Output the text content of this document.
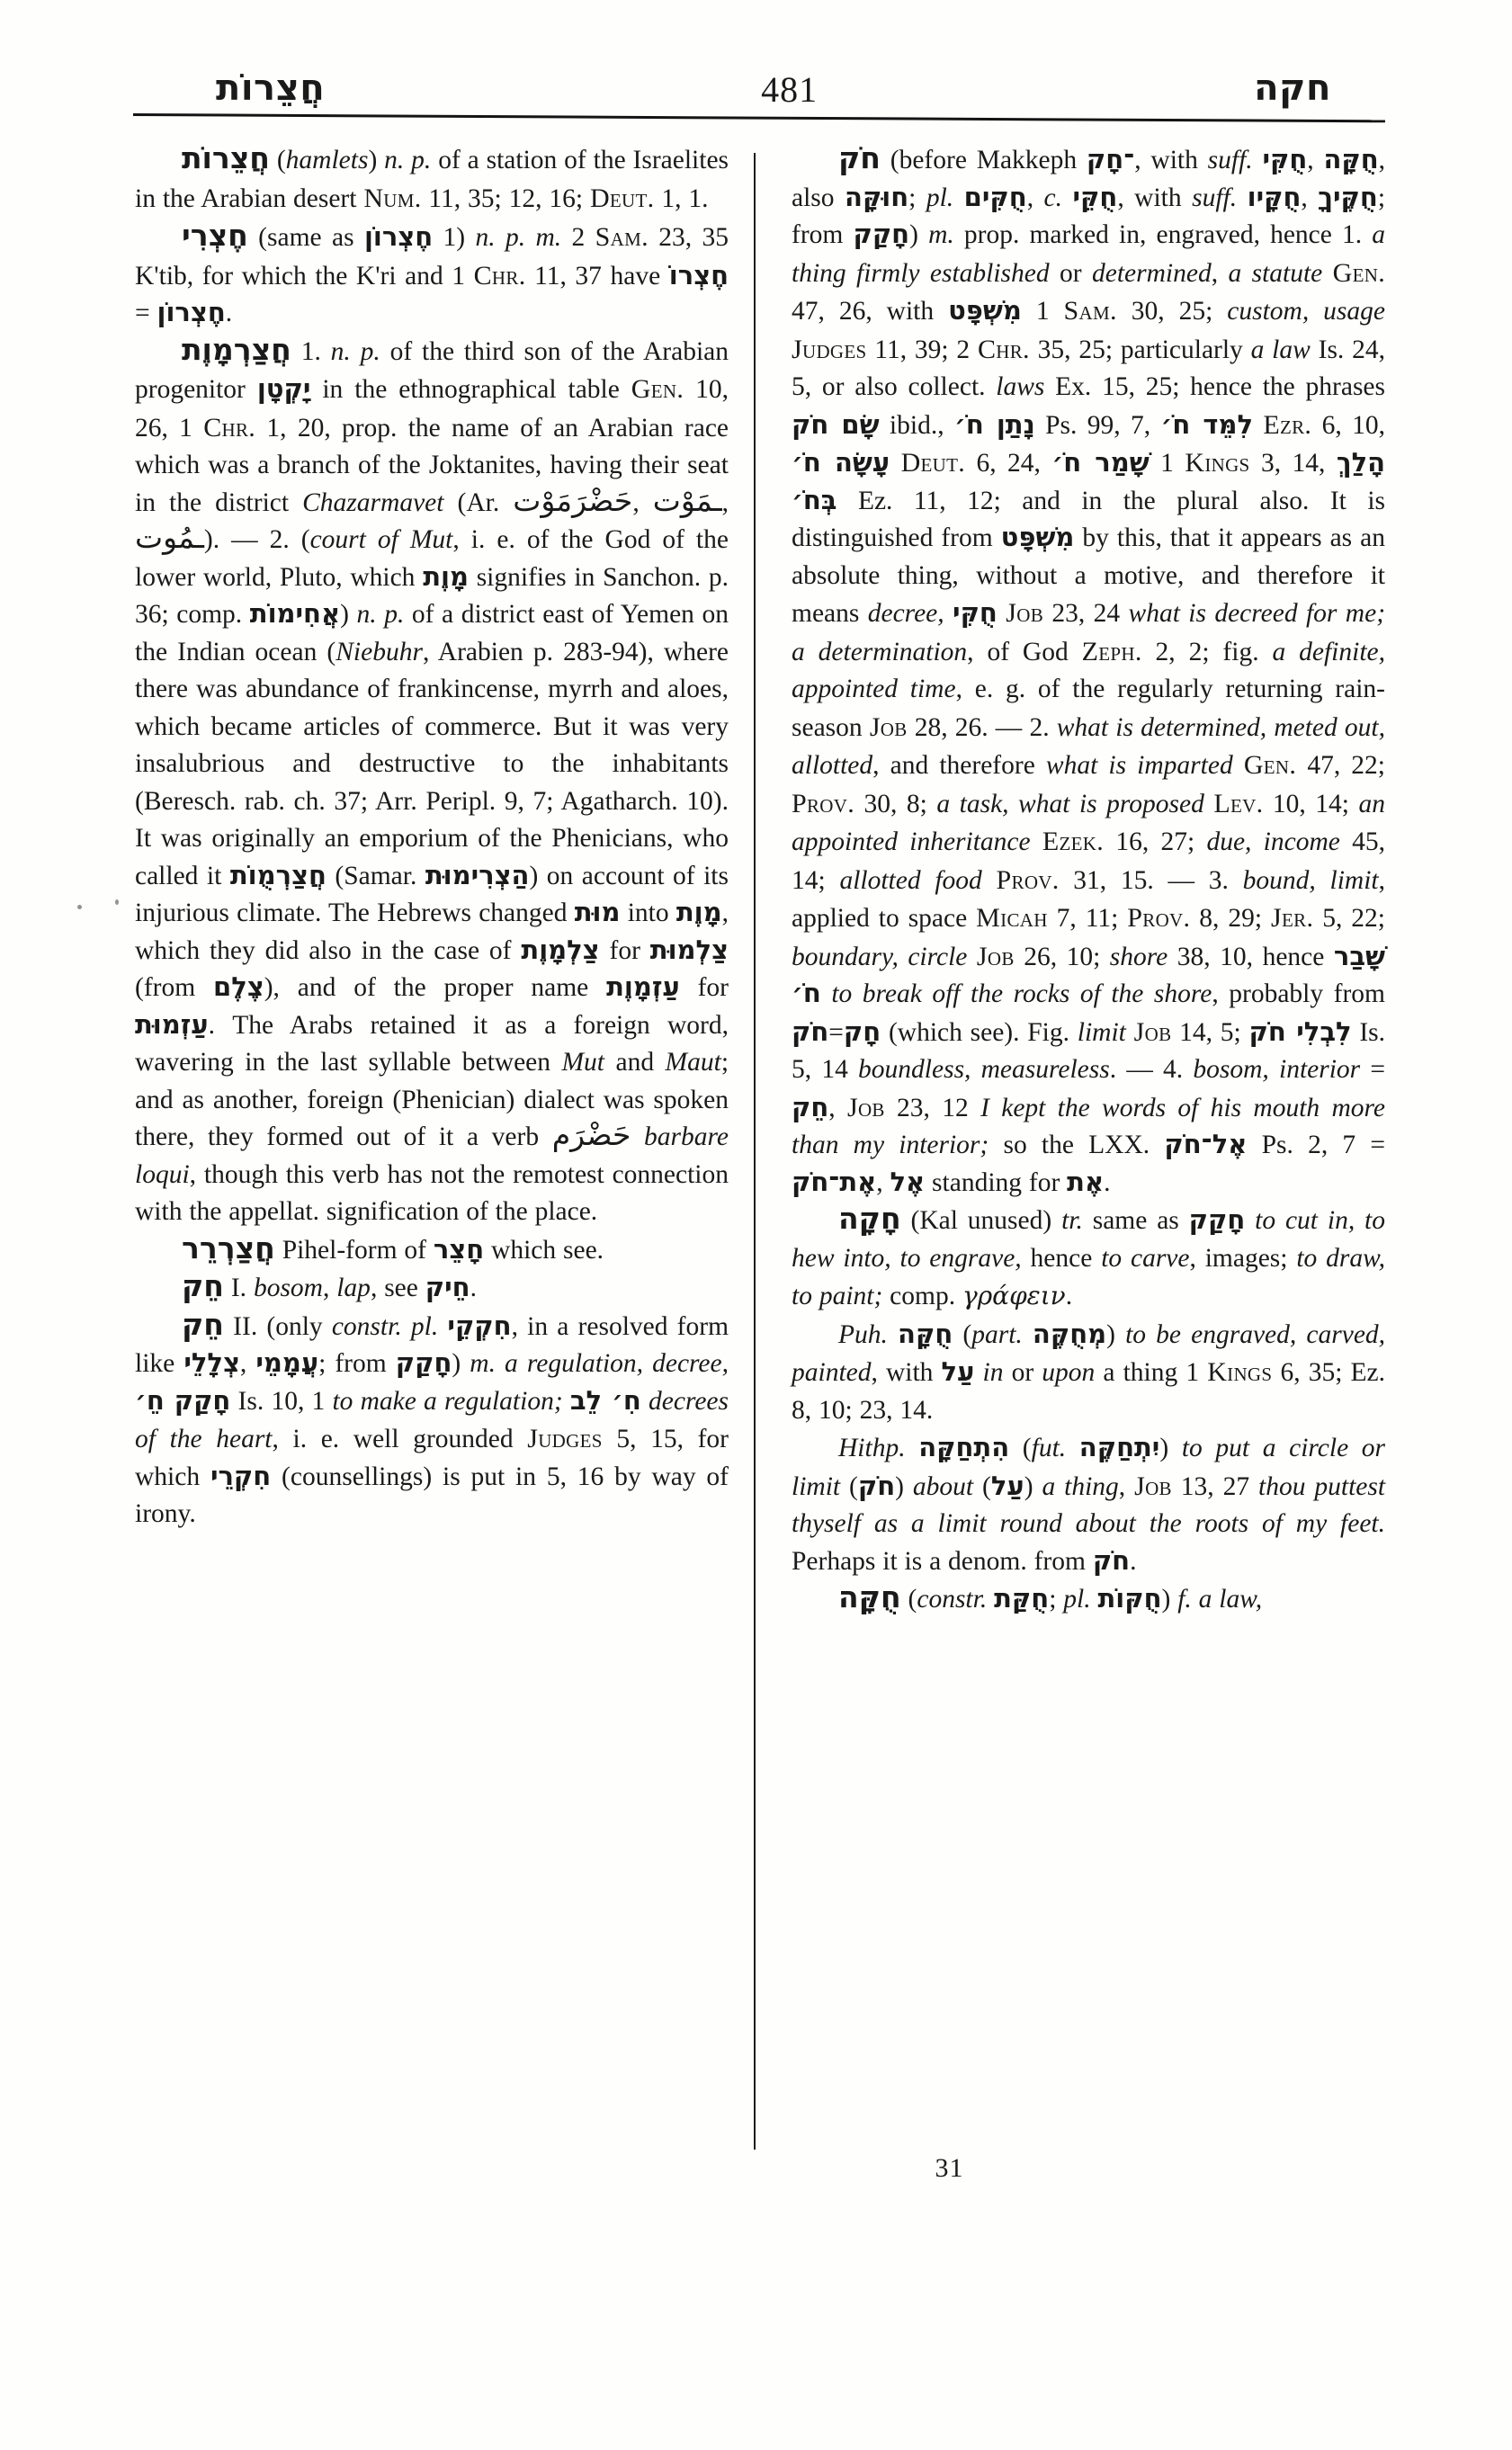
חֲצֵרוֹת	481	חקה

חֲצֵרוֹת (hamlets) n. p. of a station of the Israelites in the Arabian desert Num. 11, 35; 12, 16; Deut. 1, 1.

חֶצְרִי (same as חֶצְרוֹן 1) n. p. m. 2 Sam. 23, 35 K'tib, for which the K'ri and 1 Chr. 11, 37 have חֶצְרוֹ = חֶצְרוֹן.

חֲצַרְמָוֶת 1. n. p. of the third son of the Arabian progenitor יָקְטָן in the ethnographical table Gen. 10, 26, 1 Chr. 1, 20, prop. the name of an Arabian race which was a branch of the Joktanites, having their seat in the district Chazarmavet (Ar. حَضْرَمَوْت, ـمَوْت, ـمُوت). — 2. (court of Mut, i. e. of the God of the lower world, Pluto, which מָוֶת signifies in Sanchon. p. 36; comp. אֲחִימוֹת) n. p. of a district east of Yemen on the Indian ocean (Niebuhr, Arabien p. 283-94), where there was abundance of frankincense, myrrh and aloes, which became articles of commerce. But it was very insalubrious and destructive to the inhabitants (Beresch. rab. ch. 37; Arr. Peripl. 9, 7; Agatharch. 10). It was originally an emporium of the Phenicians, who called it חֲצַרְמֻוֹת (Samar. הַצְרִימוּת) on account of its injurious climate. The Hebrews changed מוּת into מָוֶת, which they did also in the case of צַלְמָוֶת for צַלְמוּת (from צֶלֶם), and of the proper name עַזְמָוֶת for עַזְמוּת. The Arabs retained it as a foreign word, wavering in the last syllable between Mut and Maut; and as another, foreign (Phenician) dialect was spoken there, they formed out of it a verb حَضْرَم barbare loqui, though this verb has not the remotest connection with the appellat. signification of the place.

חֲצַרְרֵר Pihel-form of חָצֵר which see.

חֵק I. bosom, lap, see חֵיק.

חֵק II. (only constr. pl. חִקְקֵי, in a resolved form like צְלָלֵי, עֲמָמֵי; from חָקַק) m. a regulation, decree, חָקַק חֵ׳ Is. 10, 1 to make a regulation; חִ׳ לֵב decrees of the heart, i. e. well grounded Judges 5, 15, for which חִקְרֵי (counsellings) is put in 5, 16 by way of irony.

חֹק (before Makkeph ־חָק, with suff. חֻקִּי, חֻקָּה, also חוּקָּה; pl. חֻקִּים, c. חֻקֵּי, with suff. חֻקָּיו, חֻקֶּיךָ; from חָקַק) m. prop. marked in, engraved, hence 1. a thing firmly established or determined, a statute Gen. 47, 26, with מִשְׁפָּט 1 Sam. 30, 25; custom, usage Judges 11, 39; 2 Chr. 35, 25; particularly a law Is. 24, 5, or also collect. laws Ex. 15, 25; hence the phrases שָׂם חֹק ibid., נָתַן חֹ׳ Ps. 99, 7, לִמֵּד חֹ׳ Ezr. 6, 10, עָשָׂה חֹ׳ Deut. 6, 24, שָׁמַר חֹ׳ 1 Kings 3, 14, הָלַךְ בְּחֹ׳ Ez. 11, 12; and in the plural also. It is distinguished from מִשְׁפָּט by this, that it appears as an absolute thing, without a motive, and therefore it means decree, חֻקִּי Job 23, 24 what is decreed for me; a determination, of God Zeph. 2, 2; fig. a definite, appointed time, e. g. of the regularly returning rain-season Job 28, 26. — 2. what is determined, meted out, allotted, and therefore what is imparted Gen. 47, 22; Prov. 30, 8; a task, what is proposed Lev. 10, 14; an appointed inheritance Ezek. 16, 27; due, income 45, 14; allotted food Prov. 31, 15. — 3. bound, limit, applied to space Micah 7, 11; Prov. 8, 29; Jer. 5, 22; boundary, circle Job 26, 10; shore 38, 10, hence שָׁבַר חֹ׳ to break off the rocks of the shore, probably from חֹק=חָק (which see). Fig. limit Job 14, 5; לִבְלִי חֹק Is. 5, 14 boundless, measureless. — 4. bosom, interior = חֵק, Job 23, 12 I kept the words of his mouth more than my interior; so the LXX. אֶל־חֹק Ps. 2, 7 = אֶת־חֹק, אֶל standing for אֶת.

חָקָה (Kal unused) tr. same as חָקַק to cut in, to hew into, to engrave, hence to carve, images; to draw, to paint; comp. γράφειν.

Puh. חֻקָּה (part. מְחֻקֶּה) to be engraved, carved, painted, with עַל in or upon a thing 1 Kings 6, 35; Ez. 8, 10; 23, 14.

Hithp. הִתְחַקָּה (fut. יִתְחַקֶּה) to put a circle or limit (חֹק) about (עַל) a thing, Job 13, 27 thou puttest thyself as a limit round about the roots of my feet. Perhaps it is a denom. from חֹק.

חֻקָּה (constr. חֻקַּת; pl. חֻקּוֹת) f. a law,

31
